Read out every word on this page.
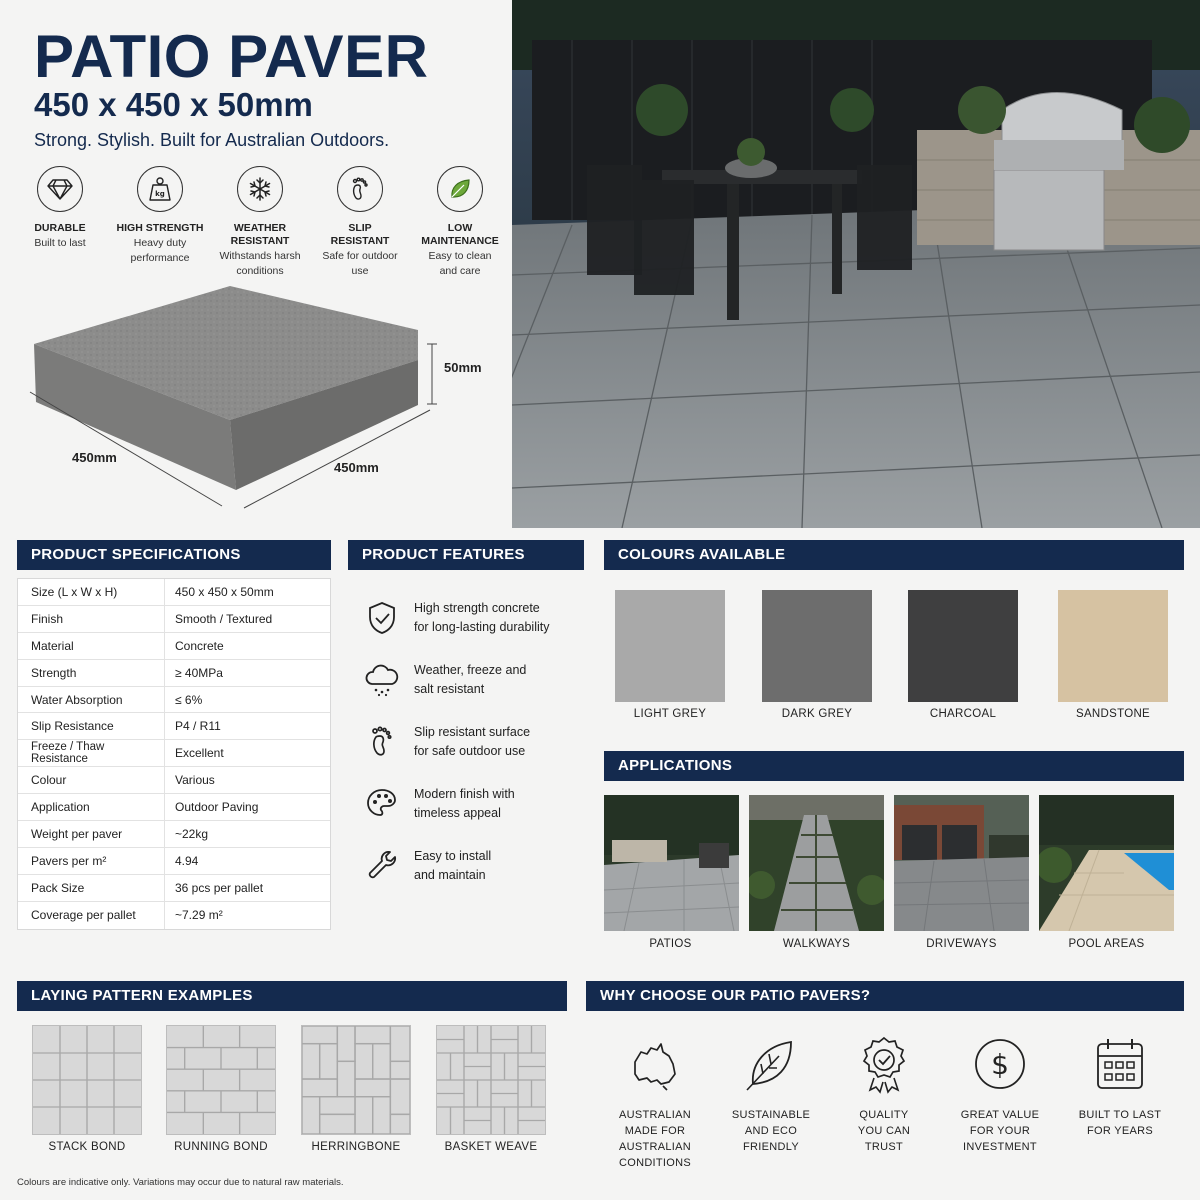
PATIO PAVER
450 x 450 x 50mm
Strong. Stylish. Built for Australian Outdoors.
DURABLE
Built to last
kg
HIGH STRENGTH
Heavy duty performance
WEATHER RESISTANT
Withstands harsh conditions
SLIP RESISTANT
Safe for outdoor use
LOW MAINTENANCE
Easy to clean and care
50mm
450mm
450mm
PRODUCT SPECIFICATIONS
Size (L x W x H)	450 x 450 x 50mm
Finish	Smooth / Textured
Material	Concrete
Strength	≥ 40MPa
Water Absorption	≤ 6%
Slip Resistance	P4 / R11
Freeze / Thaw Resistance	Excellent
Colour	Various
Application	Outdoor Paving
Weight per paver	~22kg
Pavers per m²	4.94
Pack Size	36 pcs per pallet
Coverage per pallet	~7.29 m²
PRODUCT FEATURES
High strength concrete
for long-lasting durability
Weather, freeze and
salt resistant
Slip resistant surface
for safe outdoor use
Modern finish with
timeless appeal
Easy to install
and maintain
COLOURS AVAILABLE
LIGHT GREY	DARK GREY	CHARCOAL	SANDSTONE
APPLICATIONS
PATIOS	WALKWAYS	DRIVEWAYS	POOL AREAS
LAYING PATTERN EXAMPLES
STACK BOND	RUNNING BOND	HERRINGBONE	BASKET WEAVE
WHY CHOOSE OUR PATIO PAVERS?
AUSTRALIAN
MADE FOR
AUSTRALIAN
CONDITIONS
SUSTAINABLE
AND ECO
FRIENDLY
QUALITY
YOU CAN
TRUST
$
GREAT VALUE
FOR YOUR
INVESTMENT
BUILT TO LAST
FOR YEARS
Colours are indicative only. Variations may occur due to natural raw materials.
